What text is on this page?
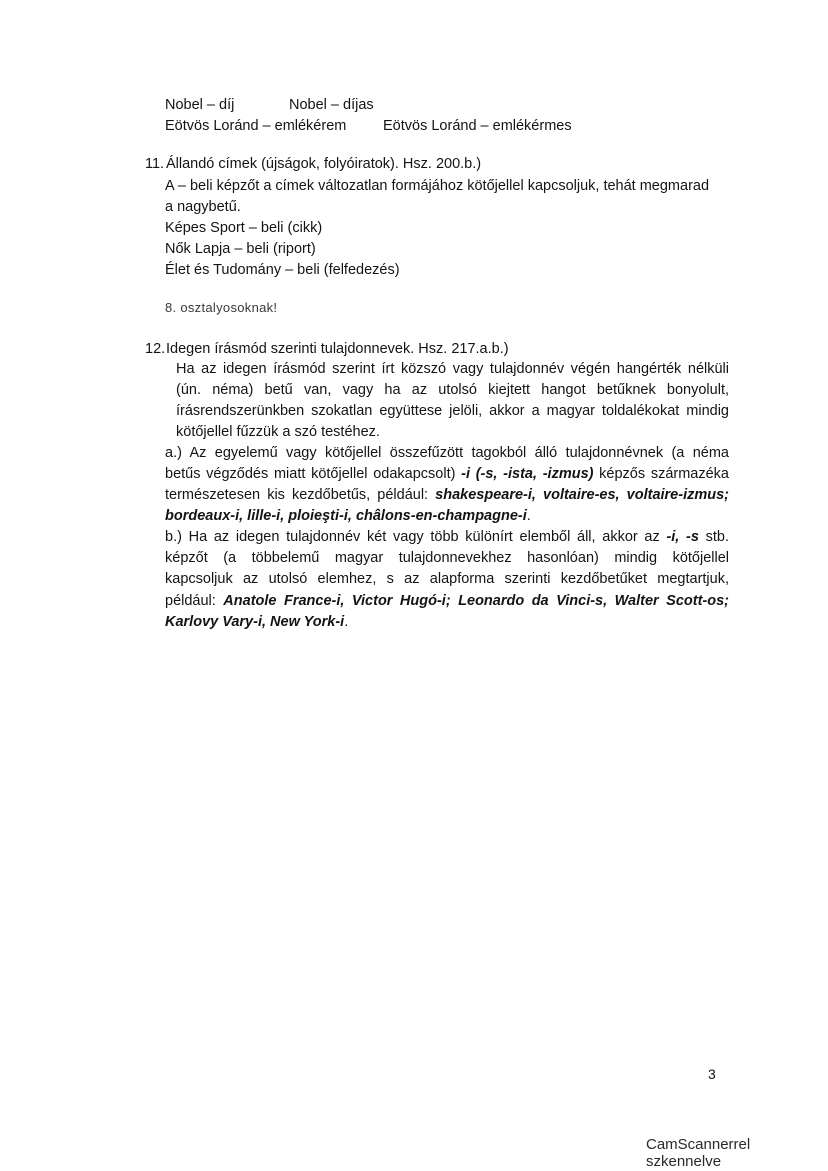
Nobel – díj	Nobel – díjas
Eötvös Loránd – emlékérem	Eötvös Loránd – emlékérmes
11. Állandó címek (újságok, folyóiratok). Hsz. 200.b.)
A – beli képzőt a címek változatlan formájához kötőjellel kapcsoljuk, tehát megmarad
a nagybetű.
Képes Sport – beli (cikk)
Nők Lapja – beli (riport)
Élet és Tudomány – beli (felfedezés)
8. osztalyosoknak!
12. Idegen írásmód szerinti tulajdonnevek. Hsz. 217.a.b.)
Ha az idegen írásmód szerint írt közszó vagy tulajdonnév végén hangérték nélküli
(ún. néma) betű van, vagy ha az utolsó kiejtett hangot betűknek bonyolult,
írásrendszerünkben szokatlan együttese jelöli, akkor a magyar toldalékokat mindig
kötőjellel fűzzük a szó testéhez.
a.) Az egyelemű vagy kötőjellel összefűzött tagokból álló tulajdonnévnek (a néma
betűs végződés miatt kötőjellel odakapcsolt) -i (-s, -ista, -izmus) képzős származéka
természetesen kis kezdőbetűs, például: shakespeare-i, voltaire-es, voltaire-izmus;
bordeaux-i, lille-i, ploieşti-i, châlons-en-champagne-i.
b.) Ha az idegen tulajdonnév két vagy több különírt elemből áll, akkor az -i, -s stb.
képzőt (a többelemű magyar tulajdonnevekhez hasonlóan) mindig kötőjellel
kapcsoljuk az utolsó elemhez, s az alapforma szerinti kezdőbetűket megtartjuk,
például: Anatole France-i, Victor Hugó-i; Leonardo da Vinci-s, Walter Scott-os;
Karlovy Vary-i, New York-i.
3
CamScannerrel szkennelve
